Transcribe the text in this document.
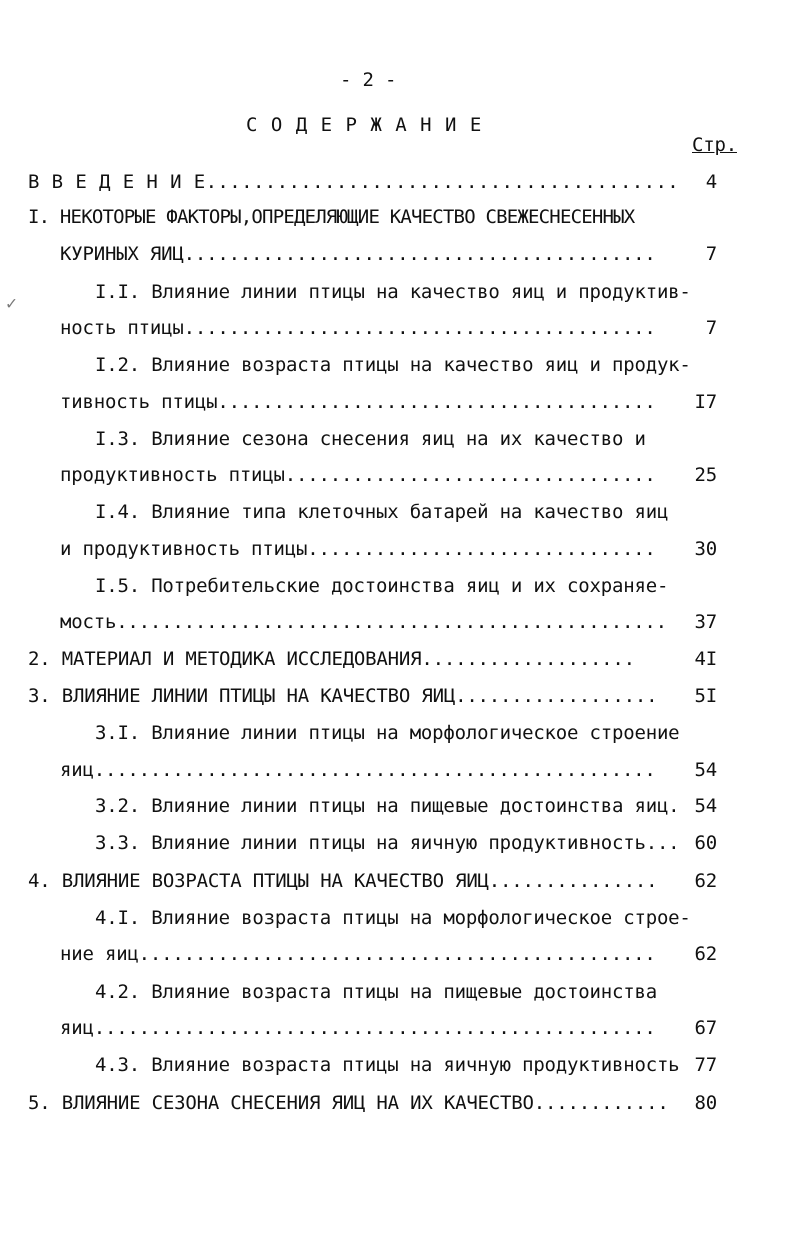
- 2 -
С О Д Е Р Ж А Н И Е
Стр.
✓
В В Е Д Е Н И Е........................................	4
I. НЕКОТОРЫЕ ФАКТОРЫ,ОПРЕДЕЛЯЮЩИЕ КАЧЕСТВО СВЕЖЕСНЕСЕННЫХ
КУРИНЫХ ЯИЦ..........................................	7
I.I. Влияние линии птицы на качество яиц и продуктив-
ность птицы..........................................	7
I.2. Влияние возраста птицы на качество яиц и продук-
тивность птицы.......................................	I7
I.3. Влияние сезона снесения яиц на их качество и
продуктивность птицы.................................	25
I.4. Влияние типа клеточных батарей на качество яиц
и продуктивность птицы...............................	30
I.5. Потребительские достоинства яиц и их сохраняе-
мость.................................................	37
2. МАТЕРИАЛ И МЕТОДИКА ИССЛЕДОВАНИЯ...................	4I
3. ВЛИЯНИЕ ЛИНИИ ПТИЦЫ НА КАЧЕСТВО ЯИЦ..................	5I
3.I. Влияние линии птицы на морфологическое строение
яиц..................................................	54
3.2. Влияние линии птицы на пищевые достоинства яиц. 54
3.3. Влияние линии птицы на яичную продуктивность... 60
4. ВЛИЯНИЕ ВОЗРАСТА ПТИЦЫ НА КАЧЕСТВО ЯИЦ...............	62
4.I. Влияние возраста птицы на морфологическое строе-
ние яиц..............................................	62
4.2. Влияние возраста птицы на пищевые достоинства
яиц..................................................	67
4.3. Влияние возраста птицы на яичную продуктивность 77
5. ВЛИЯНИЕ СЕЗОНА СНЕСЕНИЯ ЯИЦ НА ИХ КАЧЕСТВО............	80
